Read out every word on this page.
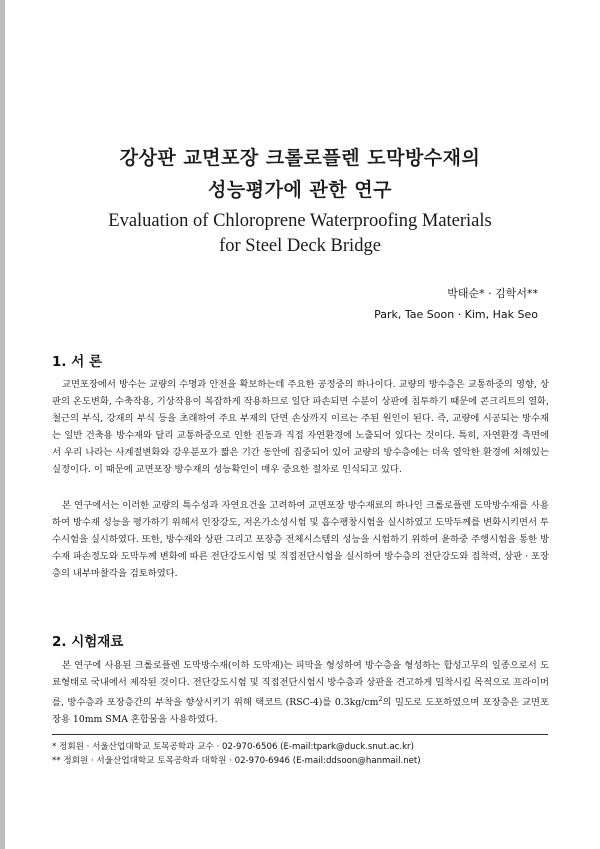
강상판 교면포장 크롤로플렌 도막방수재의
성능평가에 관한 연구
Evaluation of Chloroprene Waterproofing Materials
for Steel Deck Bridge
박태순* · 김학서**
Park, Tae Soon · Kim, Hak Seo
1. 서 론
교면포장에서 방수는 교량의 수명과 안전을 확보하는데 주요한 공정중의 하나이다. 교량의 방수층은 교통하중의 영향, 상판의 온도변화, 수축작용, 기상작용이 복잡하게 작용하므로 일단 파손되면 수분이 상판에 침투하기 때문에 콘크리트의 열화, 철근의 부식, 강재의 부식 등을 초래하여 주요 부재의 단면 손상까지 이르는 주된 원인이 된다. 즉, 교량에 시공되는 방수재는 일반 건축용 방수재와 달리 교통하중으로 인한 진동과 직접 자연환경에 노출되어 있다는 것이다. 특히, 자연환경 측면에서 우리 나라는 사계절변화와 강우분포가 짧은 기간 동안에 집중되어 있어 교량의 방수층에는 더욱 열악한 환경에 처해있는 실정이다. 이 때문에 교면포장 방수재의 성능확인이 매우 중요한 절차로 인식되고 있다.
본 연구에서는 이러한 교량의 특수성과 자연요건을 고려하여 교면포장 방수재료의 하나인 크롤로플렌 도막방수재를 사용하여 방수재 성능을 평가하기 위해서 인장강도, 저온가소성시험 및 흡수팽창시험을 실시하였고 도막두께를 변화시키면서 투수시험을 실시하였다. 또한, 방수재와 상판 그리고 포장층 전체시스템의 성능을 시험하기 위하여 윤하중 주행시험을 통한 방수재 파손정도와 도막두께 변화에 따른 전단강도시험 및 직접전단시험을 실시하여 방수층의 전단강도와 접착력, 상판 · 포장층의 내부마찰각을 검토하였다.
2. 시험재료
본 연구에 사용된 크롤로플렌 도막방수재(이하 도막재)는 피막을 형성하여 방수층을 형성하는 합성고무의 일종으로서 도료형태로 국내에서 제작된 것이다. 전단강도시험 및 직접전단시험시 방수층과 상판을 견고하게 밀착시킬 목적으로 프라이머를, 방수층과 포장층간의 부착을 향상시키기 위해 택코트 (RSC-4)를 $0.3kg/cm^2$의 밀도로 도포하였으며 포장층은 교면포장용 10mm SMA 혼합물을 사용하였다.
* 정회원 · 서울산업대학교 토목공학과 교수 · 02-970-6506 (E-mail:tpark@duck.snut.ac.kr)
** 정회원 · 서울산업대학교 토목공학과 대학원 · 02-970-6946 (E-mail:ddsoon@hanmail.net)
